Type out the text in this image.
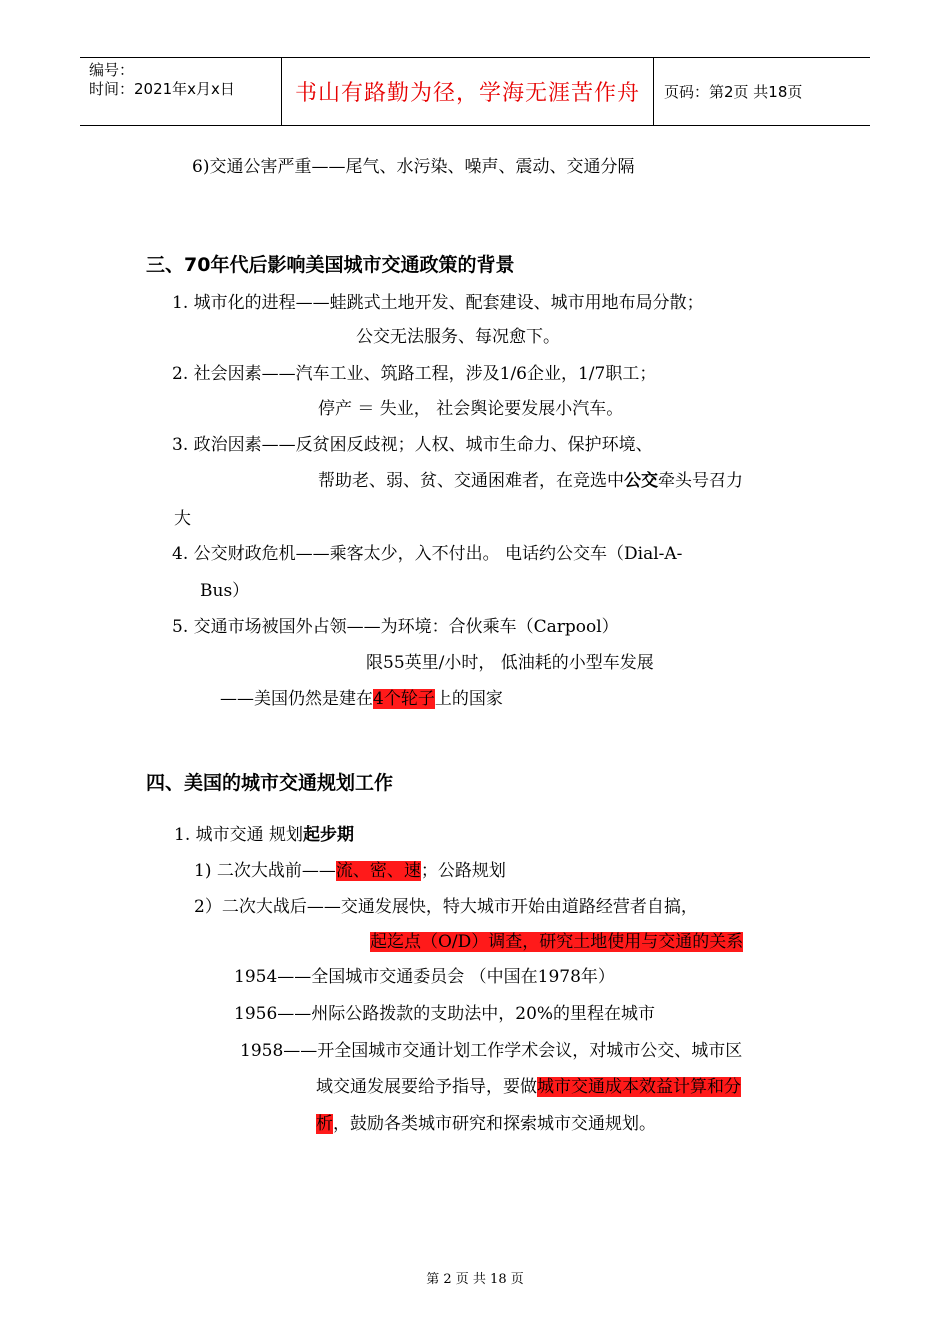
编号：
时间：2021年x月x日	书山有路勤为径，学海无涯苦作舟	页码：第2页 共18页
6)交通公害严重——尾气、水污染、噪声、震动、交通分隔
三、70年代后影响美国城市交通政策的背景
1. 城市化的进程——蛙跳式土地开发、配套建设、城市用地布局分散；
公交无法服务、每况愈下。
2. 社会因素——汽车工业、筑路工程，涉及1/6企业，1/7职工；
停产 ＝ 失业， 社会舆论要发展小汽车。
3. 政治因素——反贫困反歧视；人权、城市生命力、保护环境、
帮助老、弱、贫、交通困难者，在竞选中公交牵头号召力
大
4. 公交财政危机——乘客太少，入不付出。 电话约公交车（Dial-A-
Bus）
5. 交通市场被国外占领——为环境：合伙乘车（Carpool）
限55英里/小时， 低油耗的小型车发展
——美国仍然是建在4个轮子上的国家
四、美国的城市交通规划工作
1. 城市交通 规划起步期
1) 二次大战前——流、密、速；公路规划
2）二次大战后——交通发展快，特大城市开始由道路经营者自搞，
起迄点（O/D）调查，研究土地使用与交通的关系
1954——全国城市交通委员会 （中国在1978年）
1956——州际公路拨款的支助法中，20%的里程在城市
1958——开全国城市交通计划工作学术会议，对城市公交、城市区
域交通发展要给予指导，要做城市交通成本效益计算和分
析，鼓励各类城市研究和探索城市交通规划。
第 2 页 共 18 页
